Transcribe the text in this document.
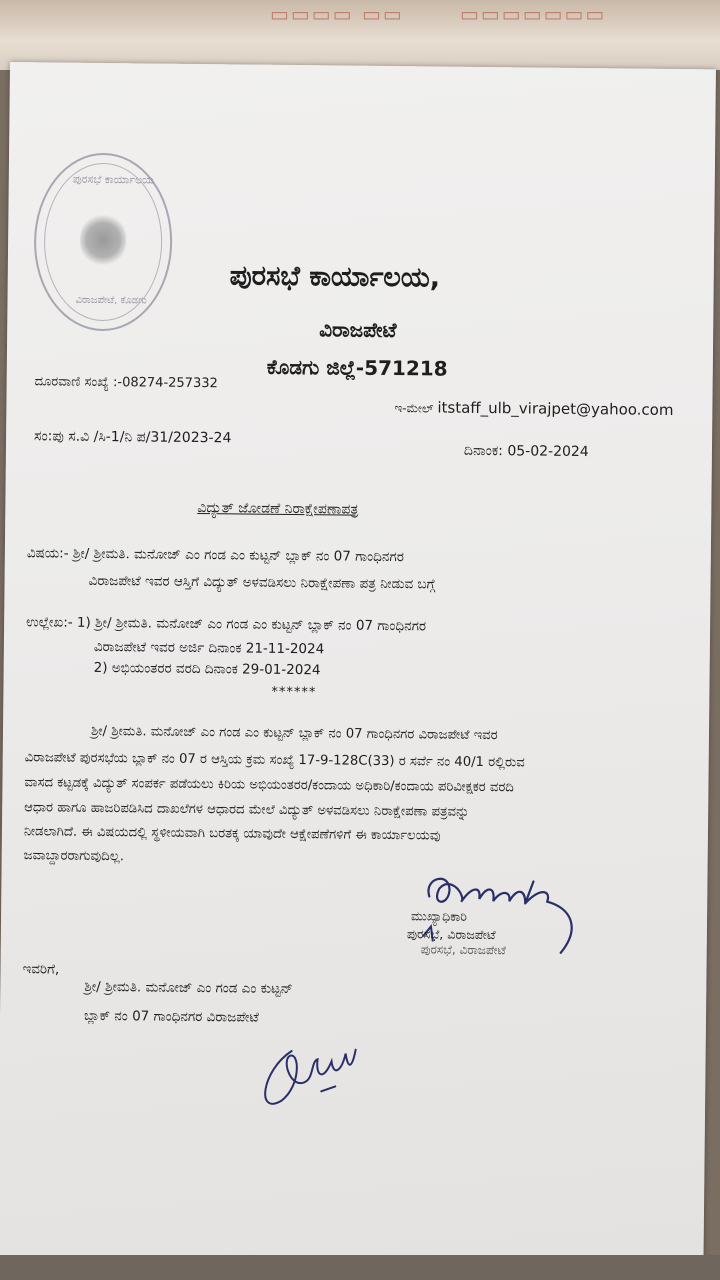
▭▭▭▭ ▭▭	▭▭▭▭▭▭▭
ಪುರಸಭೆ ಕಾರ್ಯಾಲಯ
ವಿರಾಜಪೇಟೆ, ಕೊಡಗು
ಪುರಸಭೆ ಕಾರ್ಯಾಲಯ,
ವಿರಾಜಪೇಟೆ
ಕೊಡಗು ಜಿಲ್ಲೆ-571218
ದೂರವಾಣಿ ಸಂಖ್ಯೆ :-08274-257332
ಇ-ಮೇಲ್ itstaff_ulb_virajpet@yahoo.com
ಸಂ:ಪು ಸ.ವಿ /ಸಿ-1/ನಿ ಪ/31/2023-24
ದಿನಾಂಕ: 05-02-2024
ವಿದ್ಯುತ್ ಜೋಡಣೆ ನಿರಾಕ್ಷೇಪಣಾಪತ್ರ
ವಿಷಯ:- ಶ್ರೀ/ ಶ್ರೀಮತಿ. ಮನೋಜ್ ಎಂ ಗಂಡ ಎಂ ಕುಟ್ಟನ್ ಬ್ಲಾಕ್ ನಂ 07 ಗಾಂಧಿನಗರ
ವಿರಾಜಪೇಟೆ ಇವರ ಆಸ್ತಿಗೆ ವಿದ್ಯುತ್ ಅಳವಡಿಸಲು ನಿರಾಕ್ಷೇಪಣಾ ಪತ್ರ ನೀಡುವ ಬಗ್ಗೆ
ಉಲ್ಲೇಖ:- 1) ಶ್ರೀ/ ಶ್ರೀಮತಿ. ಮನೋಜ್ ಎಂ ಗಂಡ ಎಂ ಕುಟ್ಟನ್ ಬ್ಲಾಕ್ ನಂ 07 ಗಾಂಧಿನಗರ
ವಿರಾಜಪೇಟೆ ಇವರ ಅರ್ಜಿ ದಿನಾಂಕ 21-11-2024
2) ಅಭಿಯಂತರರ ವರದಿ ದಿನಾಂಕ 29-01-2024
******
ಶ್ರೀ/ ಶ್ರೀಮತಿ. ಮನೋಜ್ ಎಂ ಗಂಡ ಎಂ ಕುಟ್ಟನ್ ಬ್ಲಾಕ್ ನಂ 07 ಗಾಂಧಿನಗರ ವಿರಾಜಪೇಟೆ ಇವರ
ವಿರಾಜಪೇಟೆ ಪುರಸಭೆಯ ಬ್ಲಾಕ್ ನಂ 07 ರ ಆಸ್ತಿಯ ಕ್ರಮ ಸಂಖ್ಯೆ 17-9-128C(33) ರ ಸರ್ವೆ ನಂ 40/1 ರಲ್ಲಿರುವ
ವಾಸದ ಕಟ್ಟಡಕ್ಕೆ ವಿದ್ಯುತ್ ಸಂಪರ್ಕ ಪಡೆಯಲು ಕಿರಿಯ ಅಭಿಯಂತರರ/ಕಂದಾಯ ಅಧಿಕಾರಿ/ಕಂದಾಯ ಪರಿವೀಕ್ಷಕರ ವರದಿ
ಆಧಾರ ಹಾಗೂ ಹಾಜರಿಪಡಿಸಿದ ದಾಖಲೆಗಳ ಆಧಾರದ ಮೇಲೆ ವಿದ್ಯುತ್ ಅಳವಡಿಸಲು ನಿರಾಕ್ಷೇಪಣಾ ಪತ್ರವನ್ನು
ನೀಡಲಾಗಿದೆ. ಈ ವಿಷಯದಲ್ಲಿ ಸ್ಥಳೀಯವಾಗಿ ಬರತಕ್ಕ ಯಾವುದೇ ಆಕ್ಷೇಪಣೆಗಳಿಗೆ ಈ ಕಾರ್ಯಾಲಯವು
ಜವಾಬ್ದಾರರಾಗುವುದಿಲ್ಲ.
ಮುಖ್ಯಾಧಿಕಾರಿ
ಪುರಸಭೆ, ವಿರಾಜಪೇಟೆ
ಪುರಸಭೆ, ವಿರಾಜಪೇಟೆ
ಇವರಿಗೆ,
ಶ್ರೀ/ ಶ್ರೀಮತಿ. ಮನೋಜ್ ಎಂ ಗಂಡ ಎಂ ಕುಟ್ಟನ್
ಬ್ಲಾಕ್ ನಂ 07 ಗಾಂಧಿನಗರ ವಿರಾಜಪೇಟೆ
